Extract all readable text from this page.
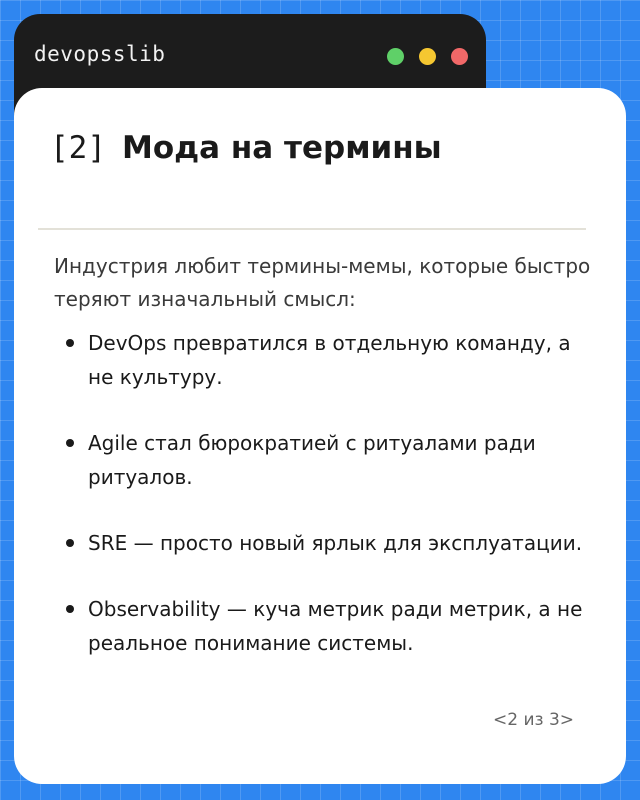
devopsslib
[2] Мода на термины

Индустрия любит термины-мемы, которые быстро теряют изначальный смысл:

DevOps превратился в отдельную команду, а не культуру.
Agile стал бюрократией с ритуалами ради ритуалов.
SRE — просто новый ярлык для эксплуатации.
Observability — куча метрик ради метрик, а не реальное понимание системы.
<2 из 3>
